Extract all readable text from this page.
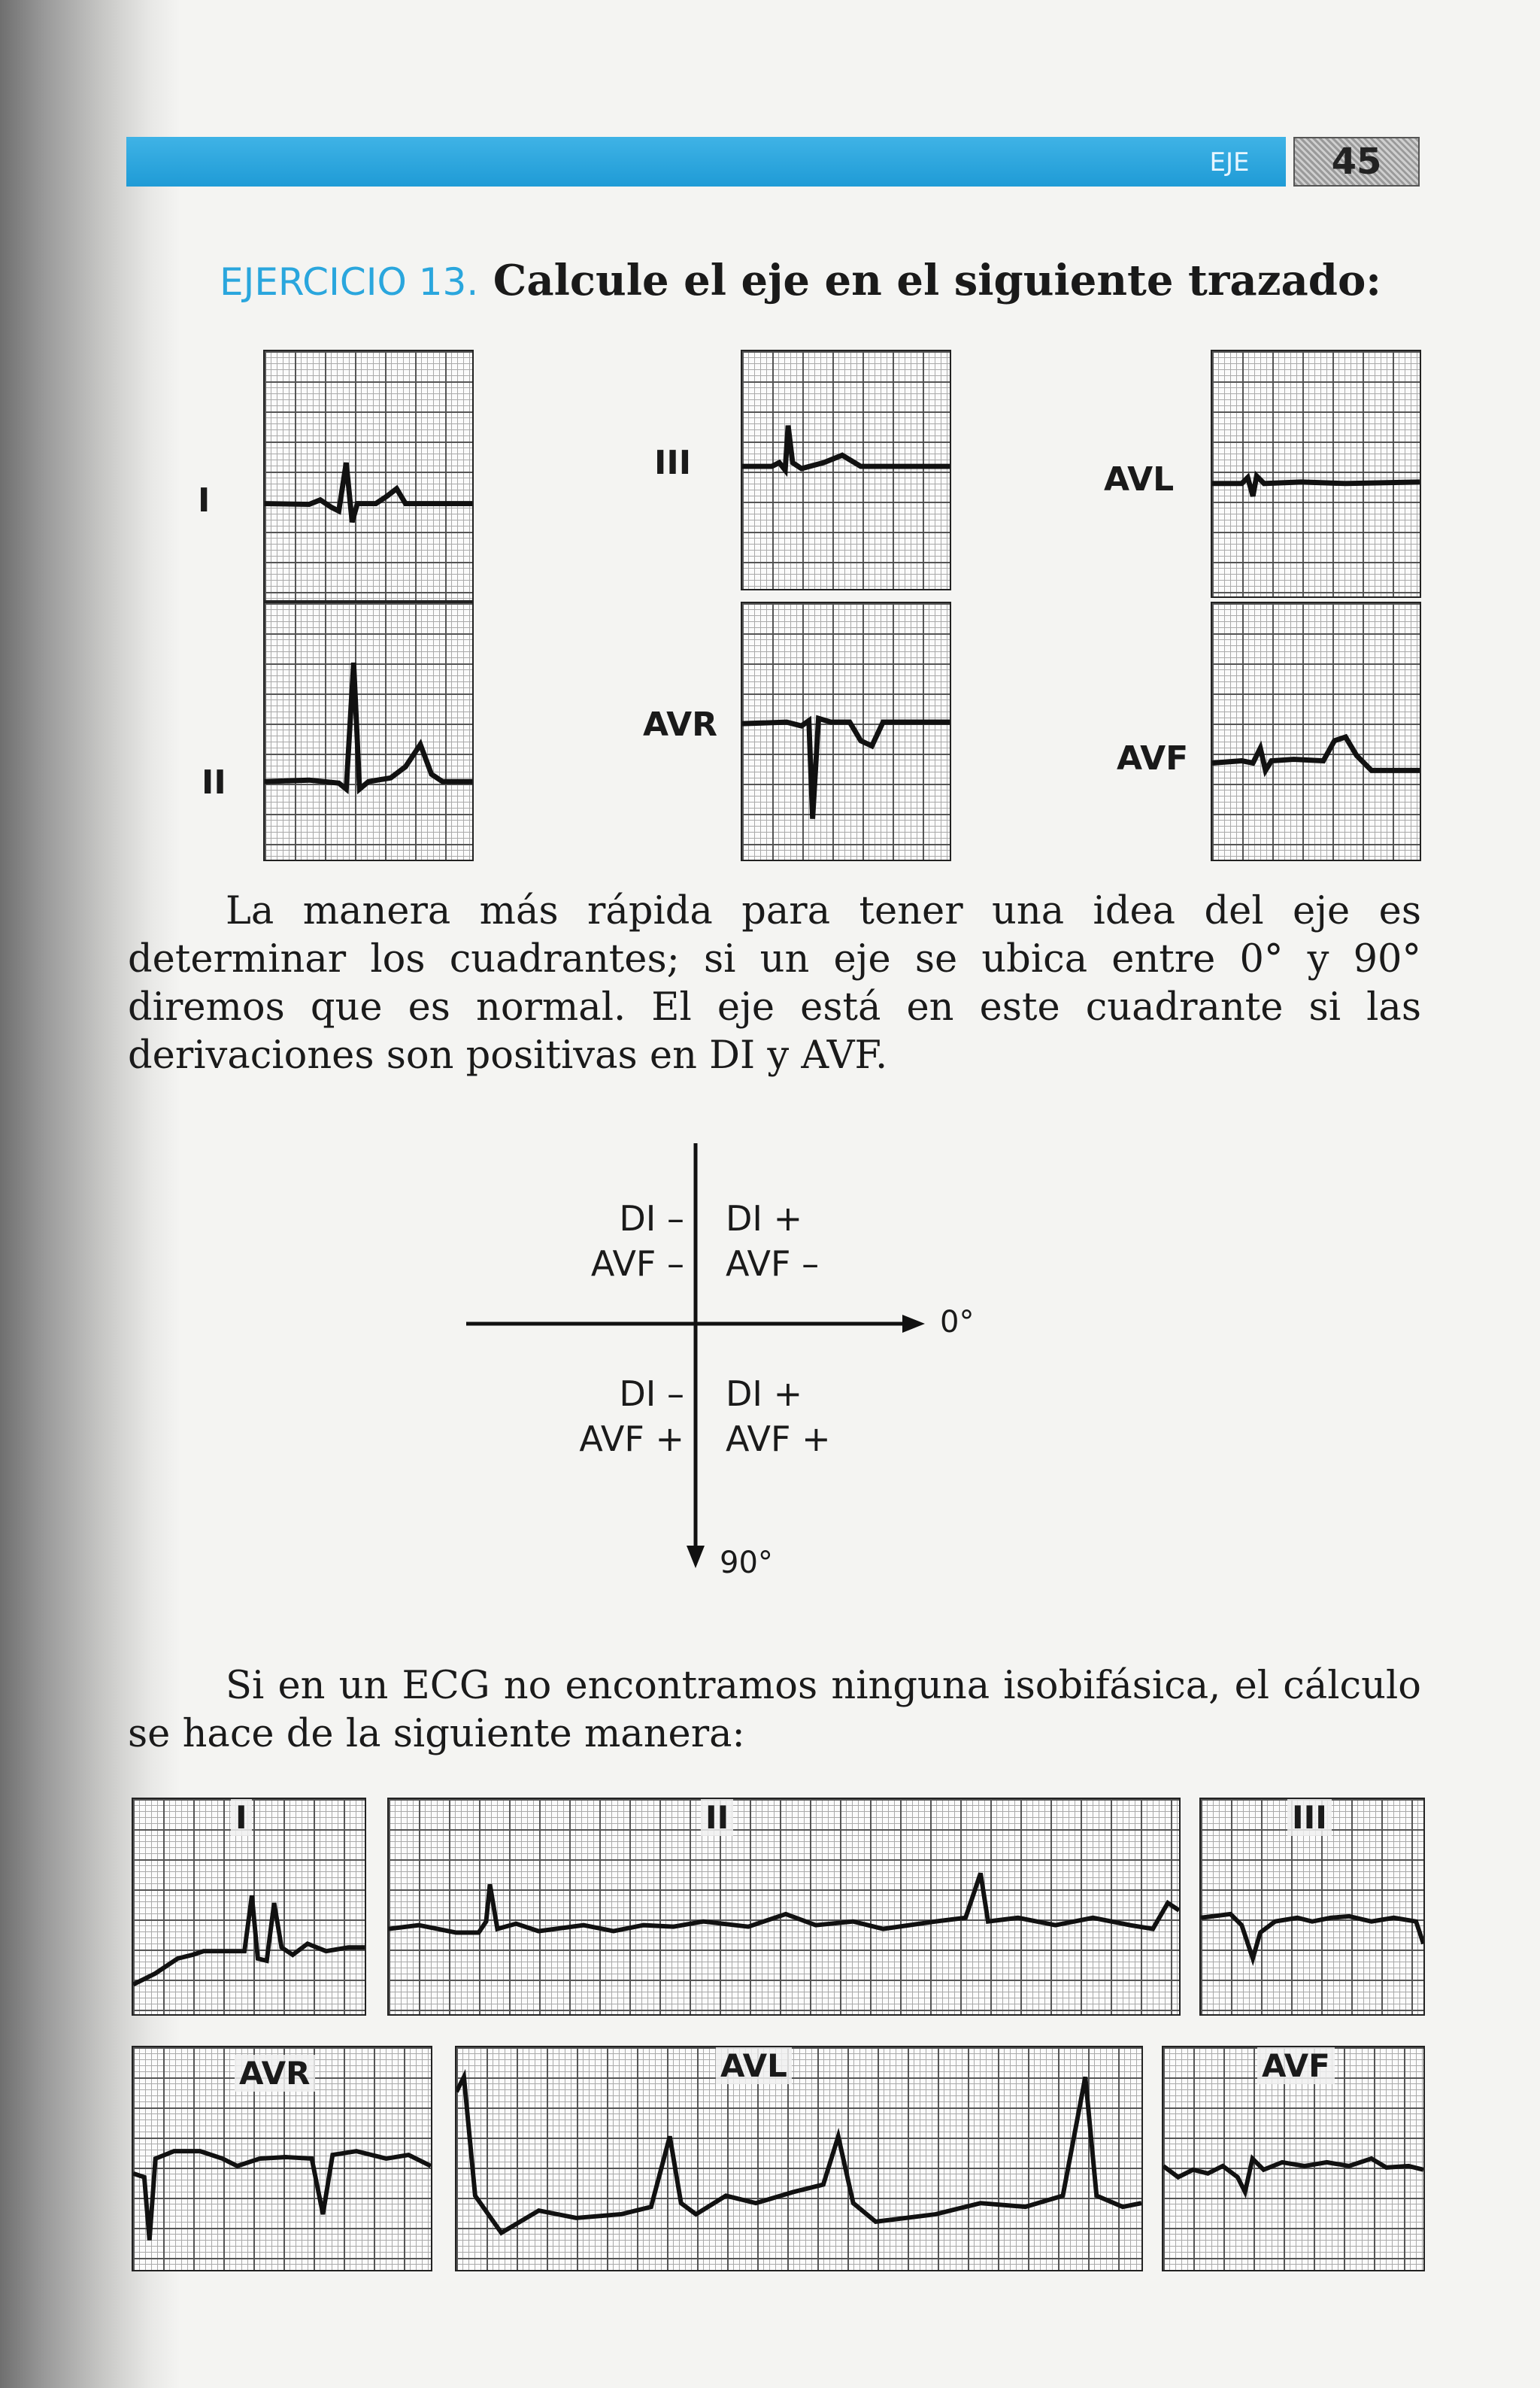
EJE	45
EJERCICIO 13. Calcule el eje en el siguiente trazado:
I
II
III
AVR
AVL
AVF
La manera más rápida para tener una idea del eje es determinar los cuadrantes; si un eje se ubica entre 0° y 90° diremos que es normal. El eje está en este cuadrante si las derivaciones son positivas en DI y AVF.
DI –
AVF –
DI +
AVF –
DI –
AVF +
DI +
AVF +
0°
90°
Si en un ECG no encontramos ninguna isobifásica, el cálculo se hace de la siguiente manera:
I	II	III
AVR	AVL	AVF
